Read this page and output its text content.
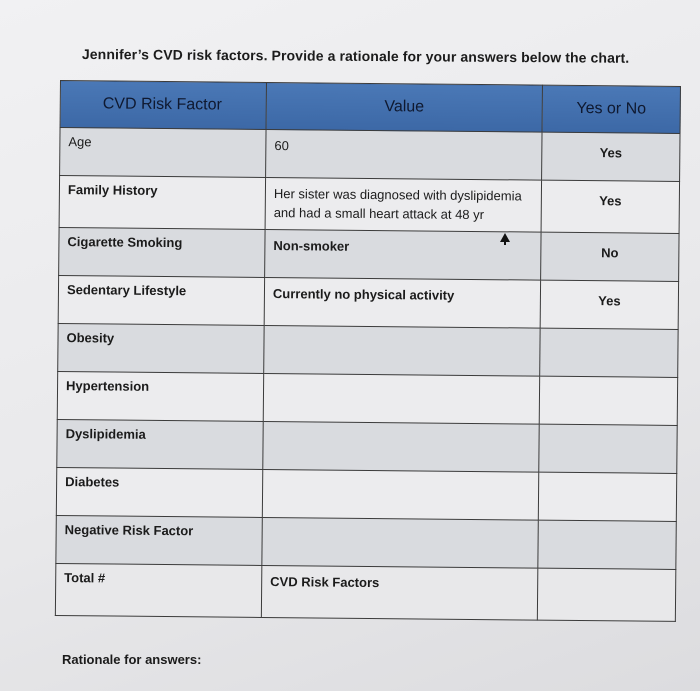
Jennifer’s CVD risk factors. Provide a rationale for your answers below the chart.
CVD Risk Factor	Value	Yes or No
Age	60	Yes
Family History	Her sister was diagnosed with dyslipidemia and had a small heart attack at 48 yr	Yes
Cigarette Smoking	Non-smoker	No
Sedentary Lifestyle	Currently no physical activity	Yes
Obesity		
Hypertension		
Dyslipidemia		
Diabetes		
Negative Risk Factor		
Total #	CVD Risk Factors	
Rationale for answers:
